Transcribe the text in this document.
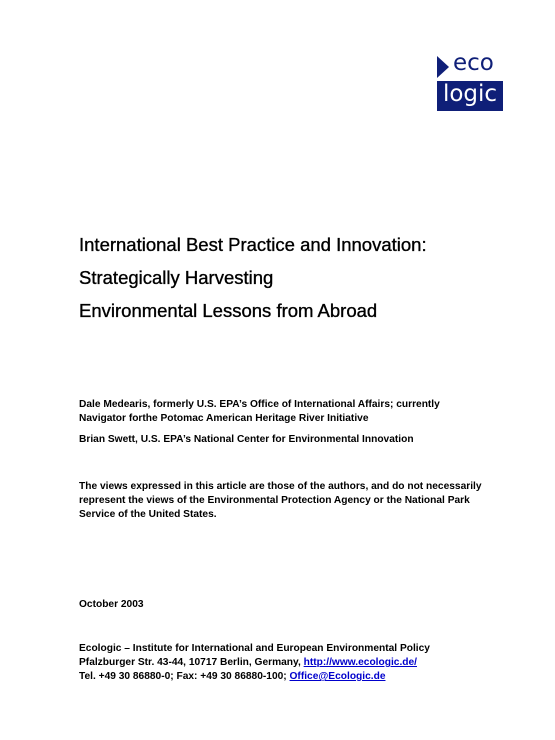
eco
logic
International Best Practice and Innovation:
Strategically Harvesting
Environmental Lessons from Abroad
Dale Medearis, formerly U.S. EPA’s Office of International Affairs; currently
Navigator forthe Potomac American Heritage River Initiative
Brian Swett, U.S. EPA’s National Center for Environmental Innovation
The views expressed in this article are those of the authors, and do not necessarily
represent the views of the Environmental Protection Agency or the National Park
Service of the United States.
October 2003
Ecologic – Institute for International and European Environmental Policy
Pfalzburger Str. 43-44, 10717 Berlin, Germany, http://www.ecologic.de/
Tel. +49 30 86880-0; Fax: +49 30 86880-100; Office@Ecologic.de
